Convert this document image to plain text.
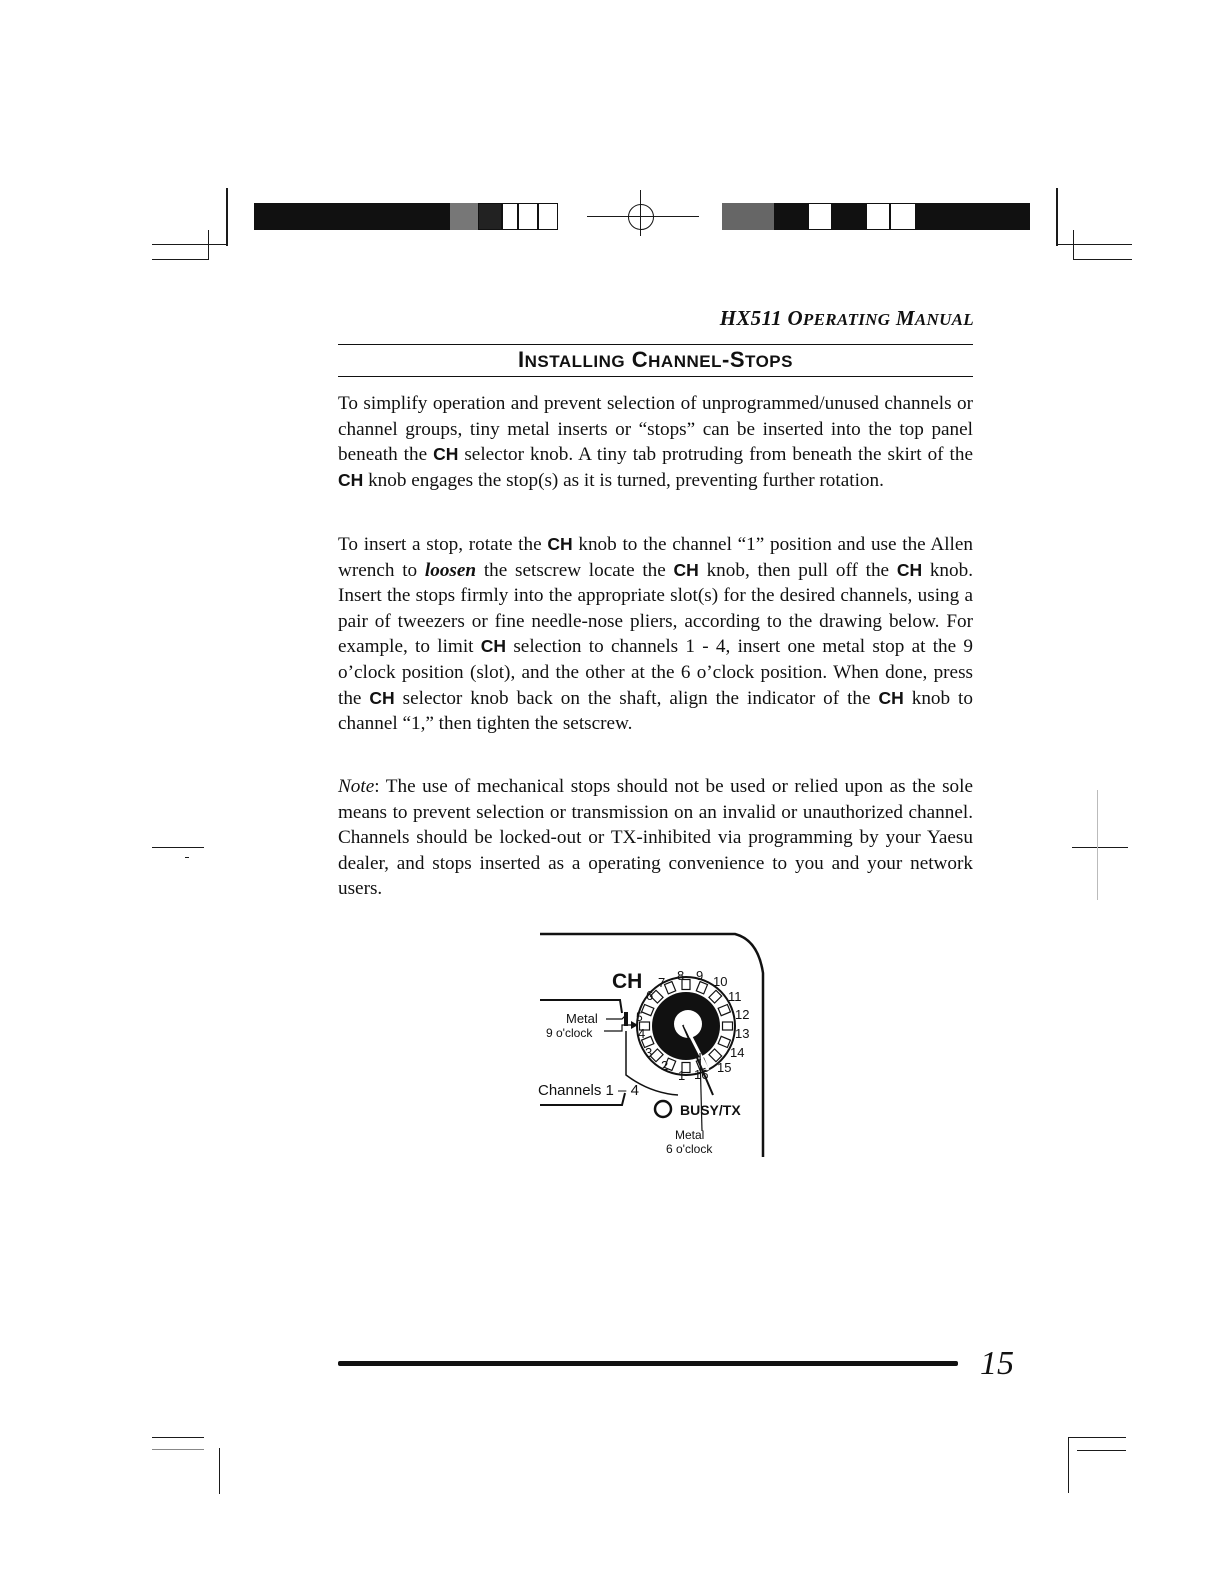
HX511 OPERATING MANUAL
INSTALLING CHANNEL-STOPS

To simplify operation and prevent selection of unprogrammed/unused channels or channel groups, tiny metal inserts or “stops” can be inserted into the top panel beneath the CH selector knob. A tiny tab protruding from beneath the skirt of the CH knob engages the stop(s) as it is turned, preventing further rotation.

To insert a stop, rotate the CH knob to the channel “1” position and use the Allen wrench to loosen the setscrew locate the CH knob, then pull off the CH knob. Insert the stops firmly into the appropriate slot(s) for the desired channels, using a pair of tweezers or fine needle-nose pliers, according to the drawing below. For example, to limit CH selection to channels 1 - 4, insert one metal stop at the 9 o’clock position (slot), and the other at the 6 o’clock position. When done, press the CH selector knob back on the shaft, align the indicator of the CH knob to channel “1,” then tighten the setscrew.

Note: The use of mechanical stops should not be used or relied upon as the sole means to prevent selection or transmission on an invalid or unauthorized channel. Channels should be locked-out or TX-inhibited via programming by your Yaesu dealer, and stops inserted as a operating convenience to you and your network users.

CH
1
2
3
4
5
6
7 8 9 10
11
12
13
14
15
16
Metal
9 o'clock
Channels 1 – 4
BUSY/TX
Metal
6 o'clock
15
